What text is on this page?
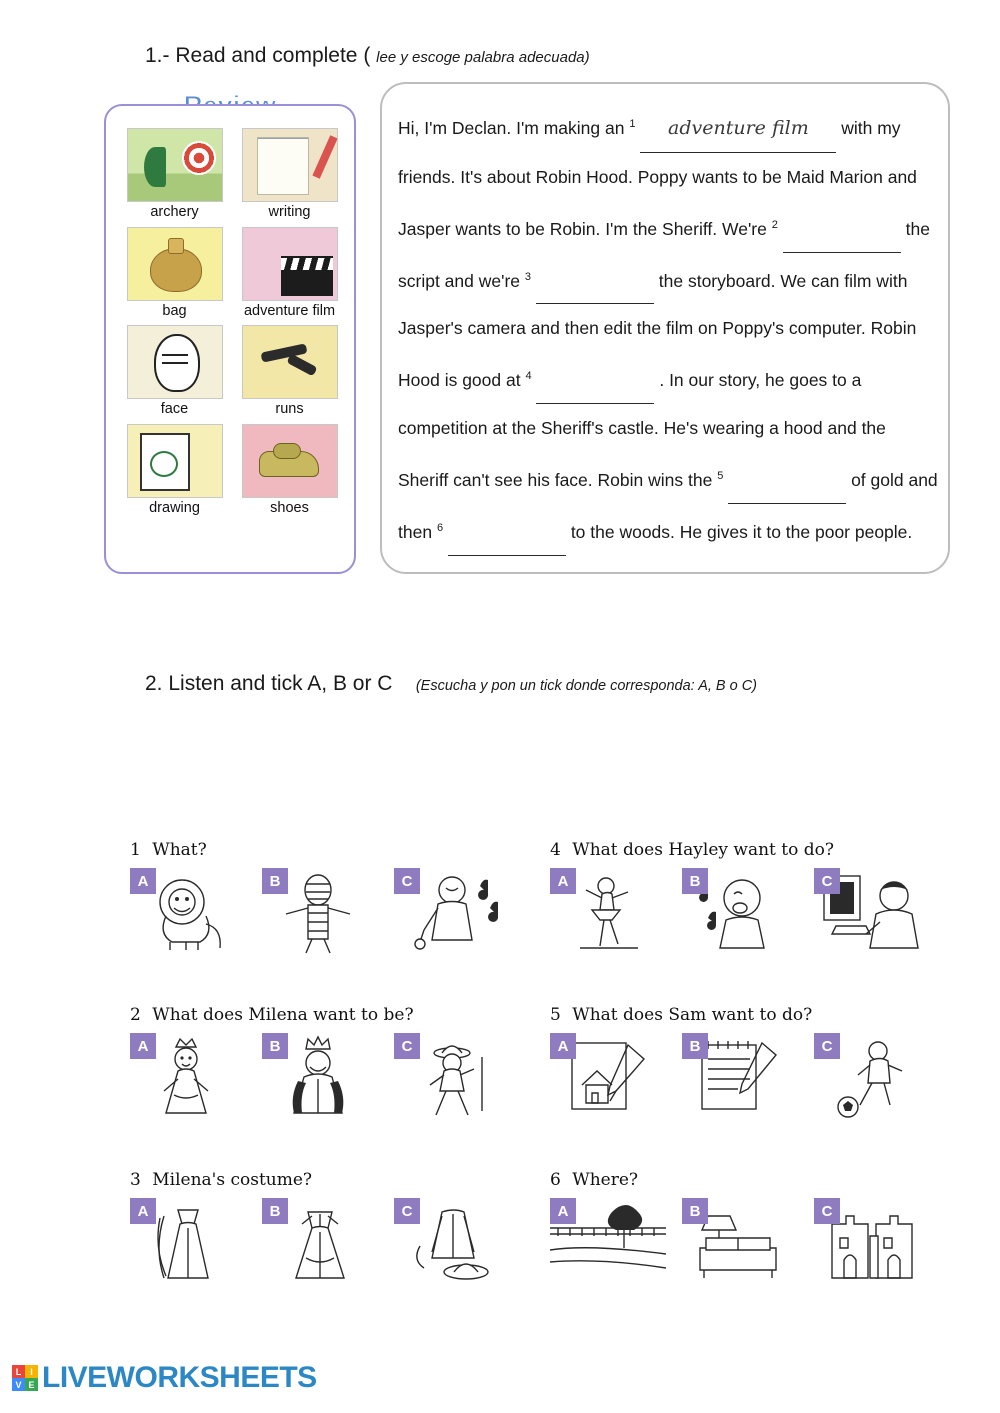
1.- Read and complete ( lee y escoge palabra adecuada)
archery	writing
bag	adventure film
face	runs
drawing	shoes
Hi, I'm Declan. I'm making an $^1$ adventure film with my friends. It's about Robin Hood. Poppy wants to be Maid Marion and Jasper wants to be Robin. I'm the Sheriff. We're $^2$	the script and we're $^3$	the storyboard. We can film with Jasper's camera and then edit the film on Poppy's computer. Robin Hood is good at $^4$	. In our story, he goes to a competition at the Sheriff's castle. He's wearing a hood and the Sheriff can't see his face. Robin wins the $^5$	of gold and then $^6$	to the woods. He gives it to the poor people.
2. Listen and tick A, B or C (Escucha y pon un tick donde corresponda: A, B o C)
1 What?
A	B	C
2 What does Milena want to be?
A	B	C
3 Milena's costume?
A	B	C
4 What does Hayley want to do?
A	B	C
5 What does Sam want to do?
A	B	C
6 Where?
A	B	C
L I
V E LIVEWORKSHEETS
